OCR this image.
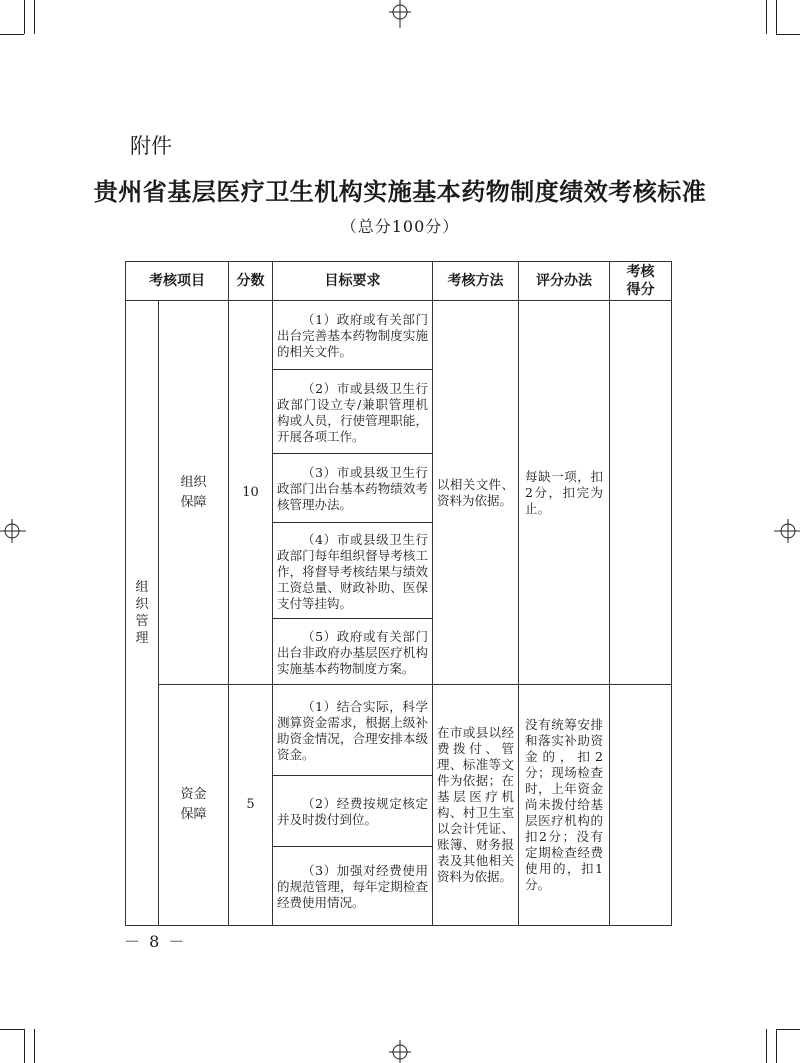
附件
贵州省基层医疗卫生机构实施基本药物制度绩效考核标准
（总分100分）
考核项目		分数	目标要求	考核方法	评分办法	考核得分
组织管理	组织保障	10	（1）政府或有关部门出台完善基本药物制度实施的相关文件。	以相关文件、资料为依据。	每缺一项，扣2分，扣完为止。	
			（2）市或县级卫生行政部门设立专/兼职管理机构或人员，行使管理职能，开展各项工作。			
			（3）市或县级卫生行政部门出台基本药物绩效考核管理办法。			
			（4）市或县级卫生行政部门每年组织督导考核工作，将督导考核结果与绩效工资总量、财政补助、医保支付等挂钩。			
			（5）政府或有关部门出台非政府办基层医疗机构实施基本药物制度方案。			
	资金保障	5	（1）结合实际，科学测算资金需求，根据上级补助资金情况，合理安排本级资金。	在市或县以经费拨付、管理、标准等文件为依据；在基层医疗机构、村卫生室以会计凭证、账簿、财务报表及其他相关资料为依据。	没有统筹安排和落实补助资金的，扣2分；现场检查时，上年资金尚未拨付给基层医疗机构的扣2分；没有定期检查经费使用的，扣1分。	
			（2）经费按规定核定并及时拨付到位。			
			（3）加强对经费使用的规范管理，每年定期检查经费使用情况。			
－ 8 －
